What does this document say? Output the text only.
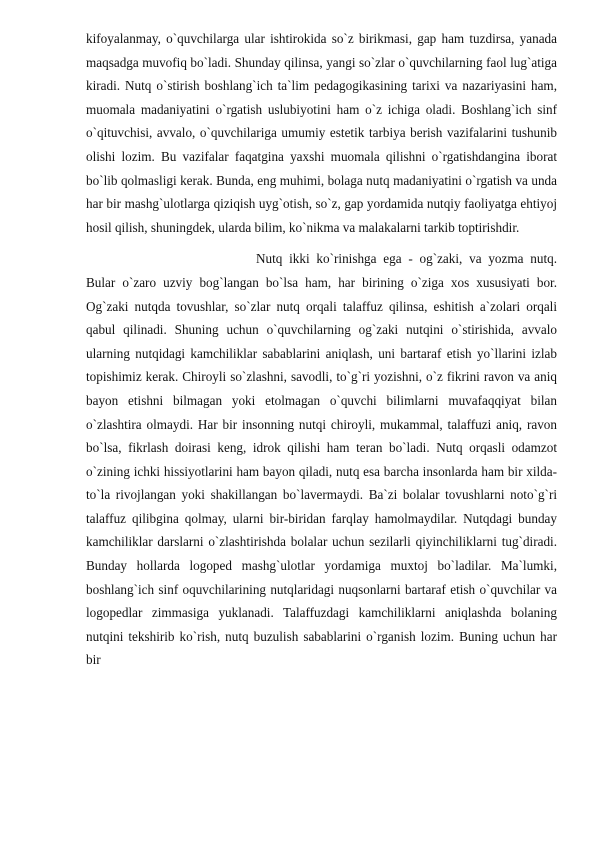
kifoyalanmay, o`quvchilarga ular ishtirokida so`z birikmasi, gap ham tuzdirsa, yanada maqsadga muvofiq bo`ladi. Shunday qilinsa, yangi so`zlar o`quvchilarning faol lug`atiga kiradi. Nutq o`stirish boshlang`ich ta`lim pedagogikasining tarixi va nazariyasini ham, muomala madaniyatini o`rgatish uslubiyotini ham o`z ichiga oladi. Boshlang`ich sinf o`qituvchisi, avvalo, o`quvchilariga umumiy estetik tarbiya berish vazifalarini tushunib olishi lozim. Bu vazifalar faqatgina yaxshi muomala qilishni o`rgatishdangina iborat bo`lib qolmasligi kerak. Bunda, eng muhimi, bolaga nutq madaniyatini o`rgatish va unda har bir mashg`ulotlarga qiziqish uyg`otish, so`z, gap yordamida nutqiy faoliyatga ehtiyoj hosil qilish, shuningdek, ularda bilim, ko`nikma va malakalarni tarkib toptirishdir.

Nutq ikki ko`rinishga ega - og`zaki, va yozma nutq. Bular o`zaro uzviy bog`langan bo`lsa ham, har birining o`ziga xos xususiyati bor. Og`zaki nutqda tovushlar, so`zlar nutq orqali talaffuz qilinsa, eshitish a`zolari orqali qabul qilinadi. Shuning uchun o`quvchilarning og`zaki nutqini o`stirishida, avvalo ularning nutqidagi kamchiliklar sabablarini aniqlash, uni bartaraf etish yo`llarini izlab topishimiz kerak. Chiroyli so`zlashni, savodli, to`g`ri yozishni, o`z fikrini ravon va aniq bayon etishni bilmagan yoki etolmagan o`quvchi bilimlarni muvafaqqiyat bilan o`zlashtira olmaydi. Har bir insonning nutqi chiroyli, mukammal, talaffuzi aniq, ravon bo`lsa, fikrlash doirasi keng, idrok qilishi ham teran bo`ladi. Nutq orqasli odamzot o`zining ichki hissiyotlarini ham bayon qiladi, nutq esa barcha insonlarda ham bir xilda-to`la rivojlangan yoki shakillangan bo`lavermaydi. Ba`zi bolalar tovushlarni noto`g`ri talaffuz qilibgina qolmay, ularni bir-biridan farqlay hamolmaydilar. Nutqdagi bunday kamchiliklar darslarni o`zlashtirishda bolalar uchun sezilarli qiyinchiliklarni tug`diradi. Bunday hollarda logoped mashg`ulotlar yordamiga muxtoj bo`ladilar. Ma`lumki, boshlang`ich sinf oquvchilarining nutqlaridagi nuqsonlarni bartaraf etish o`quvchilar va logopedlar zimmasiga yuklanadi. Talaffuzdagi kamchiliklarni aniqlashda bolaning nutqini tekshirib ko`rish, nutq buzulish sabablarini o`rganish lozim. Buning uchun har bir
